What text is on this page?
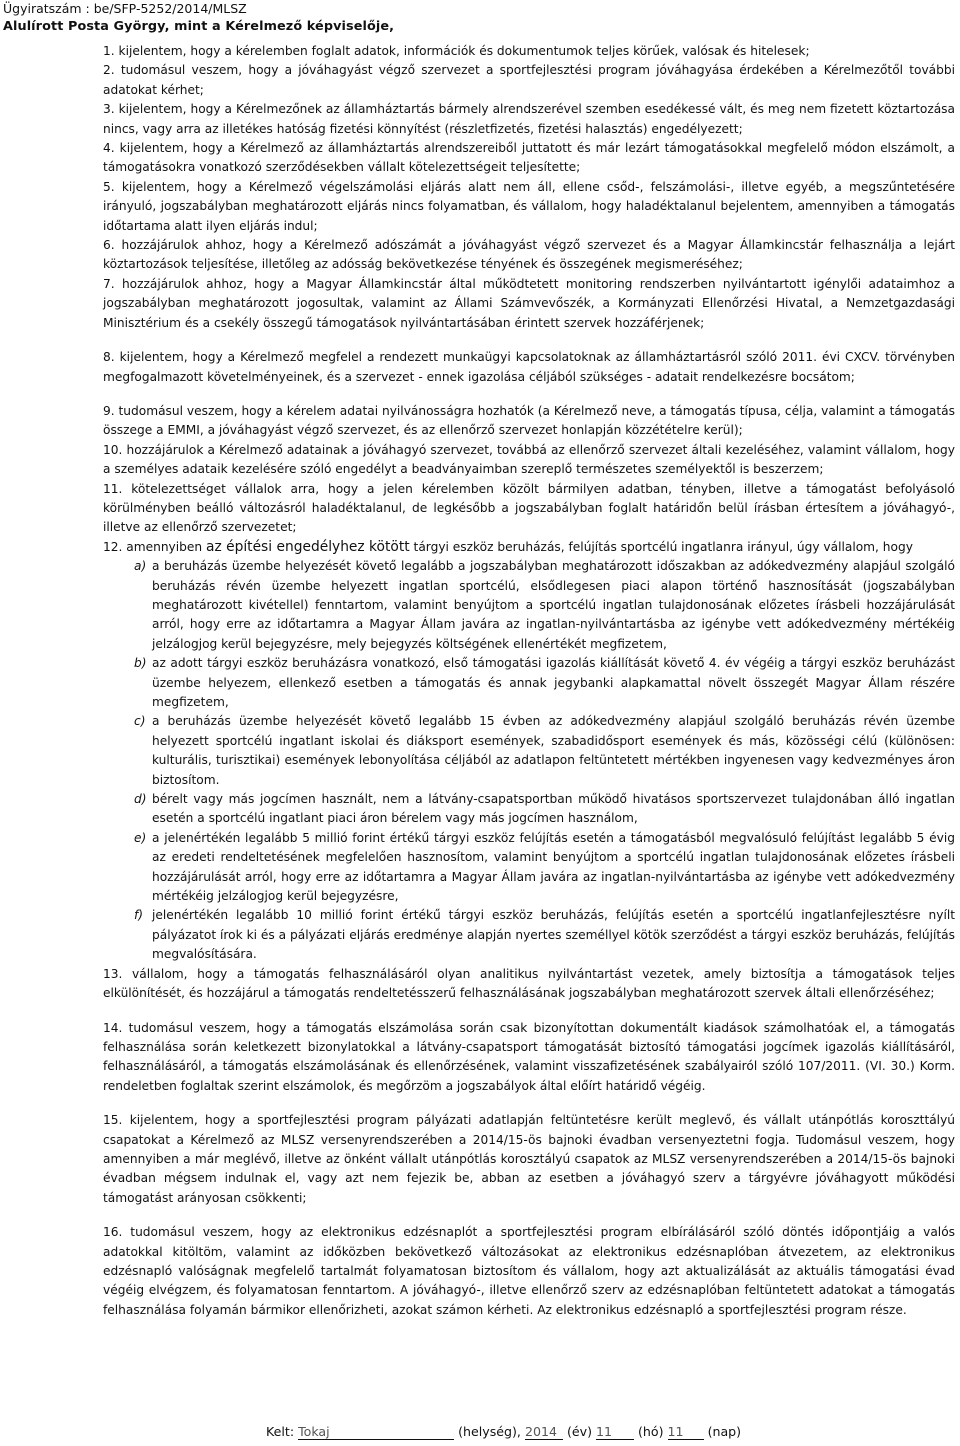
Ügyiratszám : be/SFP-5252/2014/MLSZ
Alulírott Posta György, mint a Kérelmező képviselője,
1. kijelentem, hogy a kérelemben foglalt adatok, információk és dokumentumok teljes körűek, valósak és hitelesek;
2. tudomásul veszem, hogy a jóváhagyást végző szervezet a sportfejlesztési program jóváhagyása érdekében a Kérelmezőtől további adatokat kérhet;
3. kijelentem, hogy a Kérelmezőnek az államháztartás bármely alrendszerével szemben esedékessé vált, és meg nem fizetett köztartozása nincs, vagy arra az illetékes hatóság fizetési könnyítést (részletfizetés, fizetési halasztás) engedélyezett;
4. kijelentem, hogy a Kérelmező az államháztartás alrendszereiből juttatott és már lezárt támogatásokkal megfelelő módon elszámolt, a támogatásokra vonatkozó szerződésekben vállalt kötelezettségeit teljesítette;
5. kijelentem, hogy a Kérelmező végelszámolási eljárás alatt nem áll, ellene csőd-, felszámolási-, illetve egyéb, a megszűntetésére irányuló, jogszabályban meghatározott eljárás nincs folyamatban, és vállalom, hogy haladéktalanul bejelentem, amennyiben a támogatás időtartama alatt ilyen eljárás indul;
6. hozzájárulok ahhoz, hogy a Kérelmező adószámát a jóváhagyást végző szervezet és a Magyar Államkincstár felhasználja a lejárt köztartozások teljesítése, illetőleg az adósság bekövetkezése tényének és összegének megismeréséhez;
7. hozzájárulok ahhoz, hogy a Magyar Államkincstár által működtetett monitoring rendszerben nyilvántartott igénylői adataimhoz a jogszabályban meghatározott jogosultak, valamint az Állami Számvevőszék, a Kormányzati Ellenőrzési Hivatal, a Nemzetgazdasági Minisztérium és a csekély összegű támogatások nyilvántartásában érintett szervek hozzáférjenek;
8. kijelentem, hogy a Kérelmező megfelel a rendezett munkaügyi kapcsolatoknak az államháztartásról szóló 2011. évi CXCV. törvényben megfogalmazott követelményeinek, és a szervezet - ennek igazolása céljából szükséges - adatait rendelkezésre bocsátom;
9. tudomásul veszem, hogy a kérelem adatai nyilvánosságra hozhatók (a Kérelmező neve, a támogatás típusa, célja, valamint a támogatás összege a EMMI, a jóváhagyást végző szervezet, és az ellenőrző szervezet honlapján közzétételre kerül);
10. hozzájárulok a Kérelmező adatainak a jóváhagyó szervezet, továbbá az ellenőrző szervezet általi kezeléséhez, valamint vállalom, hogy a személyes adataik kezelésére szóló engedélyt a beadványaimban szereplő természetes személyektől is beszerzem;
11. kötelezettséget vállalok arra, hogy a jelen kérelemben közölt bármilyen adatban, tényben, illetve a támogatást befolyásoló körülményben beálló változásról haladéktalanul, de legkésőbb a jogszabályban foglalt határidőn belül írásban értesítem a jóváhagyó-, illetve az ellenőrző szervezetet;
12. amennyiben az építési engedélyhez kötött tárgyi eszköz beruházás, felújítás sportcélú ingatlanra irányul, úgy vállalom, hogy
a) a beruházás üzembe helyezését követő legalább a jogszabályban meghatározott időszakban az adókedvezmény alapjául szolgáló beruházás révén üzembe helyezett ingatlan sportcélú, elsődlegesen piaci alapon történő hasznosítását (jogszabályban meghatározott kivétellel) fenntartom, valamint benyújtom a sportcélú ingatlan tulajdonosának előzetes írásbeli hozzájárulását arról, hogy erre az időtartamra a Magyar Állam javára az ingatlan-nyilvántartásba az igénybe vett adókedvezmény mértékéig jelzálogjog kerül bejegyzésre, mely bejegyzés költségének ellenértékét megfizetem,
b) az adott tárgyi eszköz beruházásra vonatkozó, első támogatási igazolás kiállítását követő 4. év végéig a tárgyi eszköz beruházást üzembe helyezem, ellenkező esetben a támogatás és annak jegybanki alapkamattal növelt összegét Magyar Állam részére megfizetem,
c) a beruházás üzembe helyezését követő legalább 15 évben az adókedvezmény alapjául szolgáló beruházás révén üzembe helyezett sportcélú ingatlant iskolai és diáksport események, szabadidősport események és más, közösségi célú (különösen: kulturális, turisztikai) események lebonyolítása céljából az adatlapon feltüntetett mértékben ingyenesen vagy kedvezményes áron biztosítom.
d) bérelt vagy más jogcímen használt, nem a látvány-csapatsportban működő hivatásos sportszervezet tulajdonában álló ingatlan esetén a sportcélú ingatlant piaci áron bérelem vagy más jogcímen használom,
e) a jelenértékén legalább 5 millió forint értékű tárgyi eszköz felújítás esetén a támogatásból megvalósuló felújítást legalább 5 évig az eredeti rendeltetésének megfelelően hasznosítom, valamint benyújtom a sportcélú ingatlan tulajdonosának előzetes írásbeli hozzájárulását arról, hogy erre az időtartamra a Magyar Állam javára az ingatlan-nyilvántartásba az igénybe vett adókedvezmény mértékéig jelzálogjog kerül bejegyzésre,
f) jelenértékén legalább 10 millió forint értékű tárgyi eszköz beruházás, felújítás esetén a sportcélú ingatlanfejlesztésre nyílt pályázatot írok ki és a pályázati eljárás eredménye alapján nyertes személlyel kötök szerződést a tárgyi eszköz beruházás, felújítás megvalósítására.
13. vállalom, hogy a támogatás felhasználásáról olyan analitikus nyilvántartást vezetek, amely biztosítja a támogatások teljes elkülönítését, és hozzájárul a támogatás rendeltetésszerű felhasználásának jogszabályban meghatározott szervek általi ellenőrzéséhez;
14. tudomásul veszem, hogy a támogatás elszámolása során csak bizonyítottan dokumentált kiadások számolhatóak el, a támogatás felhasználása során keletkezett bizonylatokkal a látvány-csapatsport támogatását biztosító támogatási jogcímek igazolás kiállításáról, felhasználásáról, a támogatás elszámolásának és ellenőrzésének, valamint visszafizetésének szabályairól szóló 107/2011. (VI. 30.) Korm. rendeletben foglaltak szerint elszámolok, és megőrzöm a jogszabályok által előírt határidő végéig.
15. kijelentem, hogy a sportfejlesztési program pályázati adatlapján feltüntetésre került meglevő, és vállalt utánpótlás koroszttályú csapatokat a Kérelmező az MLSZ versenyrendszerében a 2014/15-ös bajnoki évadban versenyeztetni fogja. Tudomásul veszem, hogy amennyiben a már meglévő, illetve az önként vállalt utánpótlás korosztályú csapatok az MLSZ versenyrendszerében a 2014/15-ös bajnoki évadban mégsem indulnak el, vagy azt nem fejezik be, abban az esetben a jóváhagyó szerv a tárgyévre jóváhagyott működési támogatást arányosan csökkenti;
16. tudomásul veszem, hogy az elektronikus edzésnaplót a sportfejlesztési program elbírálásáról szóló döntés időpontjáig a valós adatokkal kitöltöm, valamint az időközben bekövetkező változásokat az elektronikus edzésnaplóban átvezetem, az elektronikus edzésnapló valóságnak megfelelő tartalmát folyamatosan biztosítom és vállalom, hogy azt aktualizálását az aktuális támogatási évad végéig elvégzem, és folyamatosan fenntartom. A jóváhagyó-, illetve ellenőrző szerv az edzésnaplóban feltüntetett adatokat a támogatás felhasználása folyamán bármikor ellenőrizheti, azokat számon kérheti. Az elektronikus edzésnapló a sportfejlesztési program része.
Kelt: Tokaj	(helység), 2014 (év) 11 (hó) 11 (nap)
